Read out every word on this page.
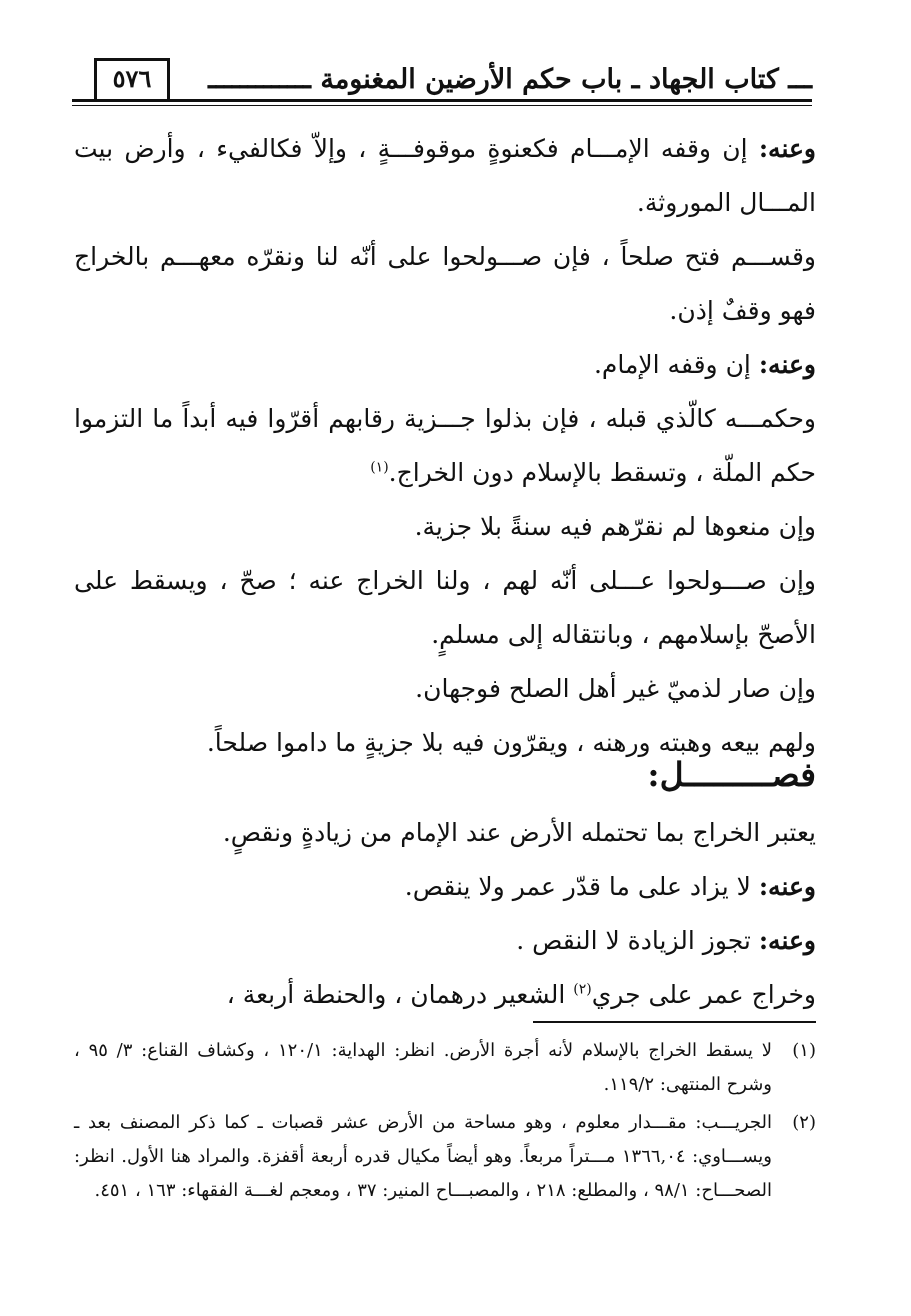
ـــ كتاب الجهاد ـ باب حكم الأرضين المغنومة ـــــــــــــ
٥٧٦

وعنه: إن وقفه الإمـــام فكعنوةٍ موقوفـــةٍ ، وإلاّ فكالفيء ، وأرض بيت المـــال الموروثة.

وقســـم فتح صلحاً ، فإن صـــولحوا على أنّه لنا ونقرّه معهـــم بالخراج فهو وقفٌ إذن.

وعنه: إن وقفه الإمام.

وحكمـــه كالّذي قبله ، فإن بذلوا جـــزية رقابهم أقرّوا فيه أبداً ما التزموا حكم الملّة ، وتسقط بالإسلام دون الخراج.$^{(١)}$

وإن منعوها لم نقرّهم فيه سنةً بلا جزية.

وإن صـــولحوا عـــلى أنّه لهم ، ولنا الخراج عنه ؛ صحّ ، ويسقط على الأصحّ بإسلامهم ، وبانتقاله إلى مسلمٍ.

وإن صار لذميّ غير أهل الصلح فوجهان.

ولهم بيعه وهبته ورهنه ، ويقرّون فيه بلا جزيةٍ ما داموا صلحاً.

فصـــــــــل:

يعتبر الخراج بما تحتمله الأرض عند الإمام من زيادةٍ ونقصٍ.

وعنه: لا يزاد على ما قدّر عمر ولا ينقص.

وعنه: تجوز الزيادة لا النقص .

وخراج عمر على جري$^{(٢)}$ الشعير درهمان ، والحنطة أربعة ،

(١)
لا يسقط الخراج بالإسلام لأنه أجرة الأرض. انظر: الهداية: ١٢٠/١ ، وكشاف القناع: ٣/ ٩٥ ، وشرح المنتهى: ١١٩/٢.
(٢)
الجريـــب: مقـــدار معلوم ، وهو مساحة من الأرض عشر قصبات ـ كما ذكر المصنف بعد ـ ويســـاوي: ١٣٦٦,٠٤ مـــتراً مربعاً. وهو أيضاً مكيال قدره أربعة أقفزة. والمراد هنا الأول. انظر: الصحـــاح: ٩٨/١ ، والمطلع: ٢١٨ ، والمصبـــاح المنير: ٣٧ ، ومعجم لغـــة الفقهاء: ١٦٣ ، ٤٥١.
